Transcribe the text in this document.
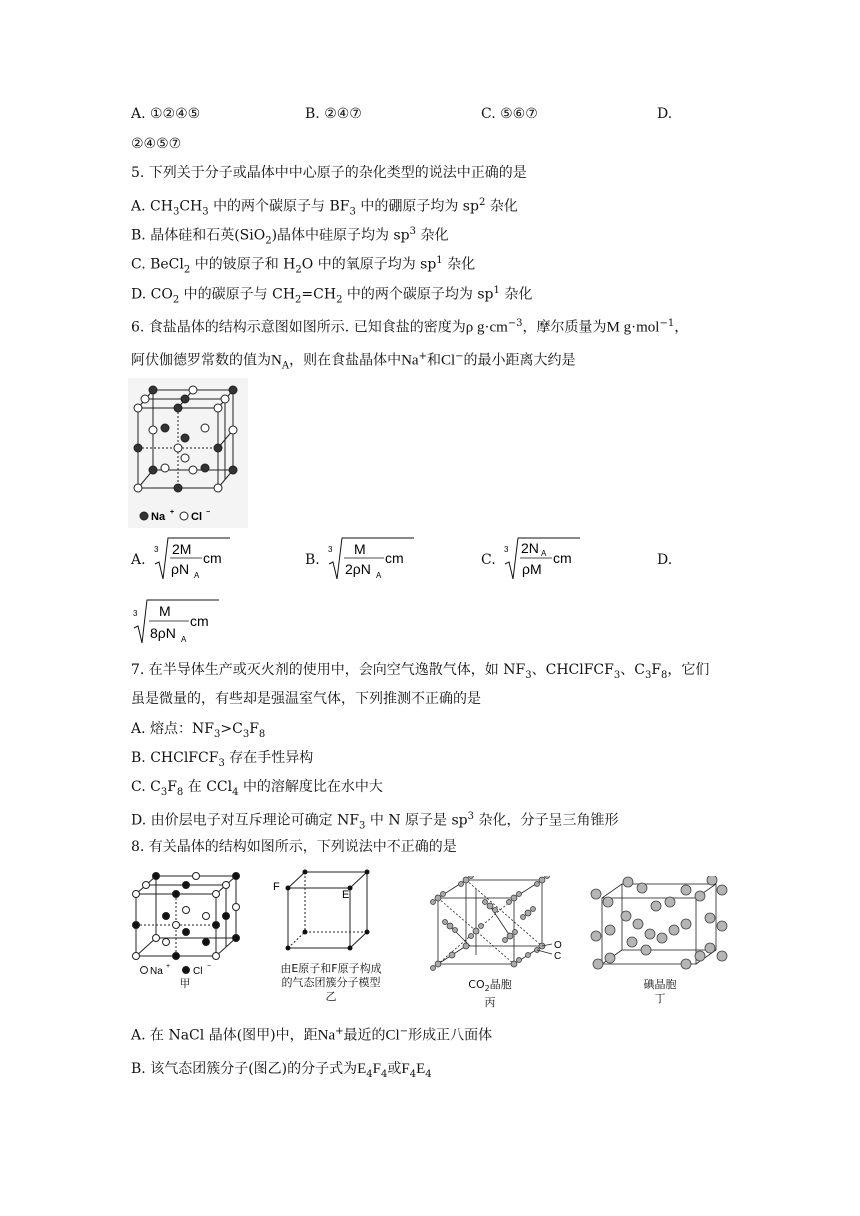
A. ①②④⑤	B. ②④⑦	C. ⑤⑥⑦	D.
②④⑤⑦
5. 下列关于分子或晶体中中心原子的杂化类型的说法中正确的是
A. $CH_3CH_3$ 中的两个碳原子与 $BF_3$ 中的硼原子均为 $sp^2$ 杂化
B. 晶体硅和石英(SiO$_2$)晶体中硅原子均为 $sp^3$ 杂化
C. BeCl$_2$ 中的铍原子和 $H_2O$ 中的氧原子均为 $sp^1$ 杂化
D. $CO_2$ 中的碳原子与 $CH_2=CH_2$ 中的两个碳原子均为 $sp^1$ 杂化
6. 食盐晶体的结构示意图如图所示. 已知食盐的密度为ρ $g\cdot cm^{-3}$，摩尔质量为M g·mol$^{-1}$，
阿伏伽德罗常数的值为$N_A$，则在食盐晶体中Na+和Cl−的最小距离大约是
Na + Cl −
A.
3 2M
ρN A
cm	B.
3 M
2ρN A
cm	C.
3 2N A
ρM
cm	D.
3 M
8ρN A
cm
7. 在半导体生产或灭火剂的使用中，会向空气逸散气体，如 $NF_3$、CHClFCF$_3$、$C_3F_8$，它们
虽是微量的，有些却是强温室气体，下列推测不正确的是
A. 熔点：$NF_3>C_3F_8$
B. CHClFCF$_3$ 存在手性异构
C. $C_3F_8$ 在 CCl$_4$ 中的溶解度比在水中大
D. 由价层电子对互斥理论可确定 $NF_3$ 中 N 原子是 $sp^3$ 杂化，分子呈三角锥形
8. 有关晶体的结构如图所示，下列说法中不正确的是
Na + Cl −
甲
F
E
由E原子和F原子构成
的气态团簇分子模型
乙
O
C
$CO_2$晶胞
丙
碘晶胞
丁
A. 在 NaCl 晶体(图甲)中，距Na+最近的Cl−形成正八面体
B. 该气态团簇分子(图乙)的分子式为$E_4F_4$或$F_4E_4$
